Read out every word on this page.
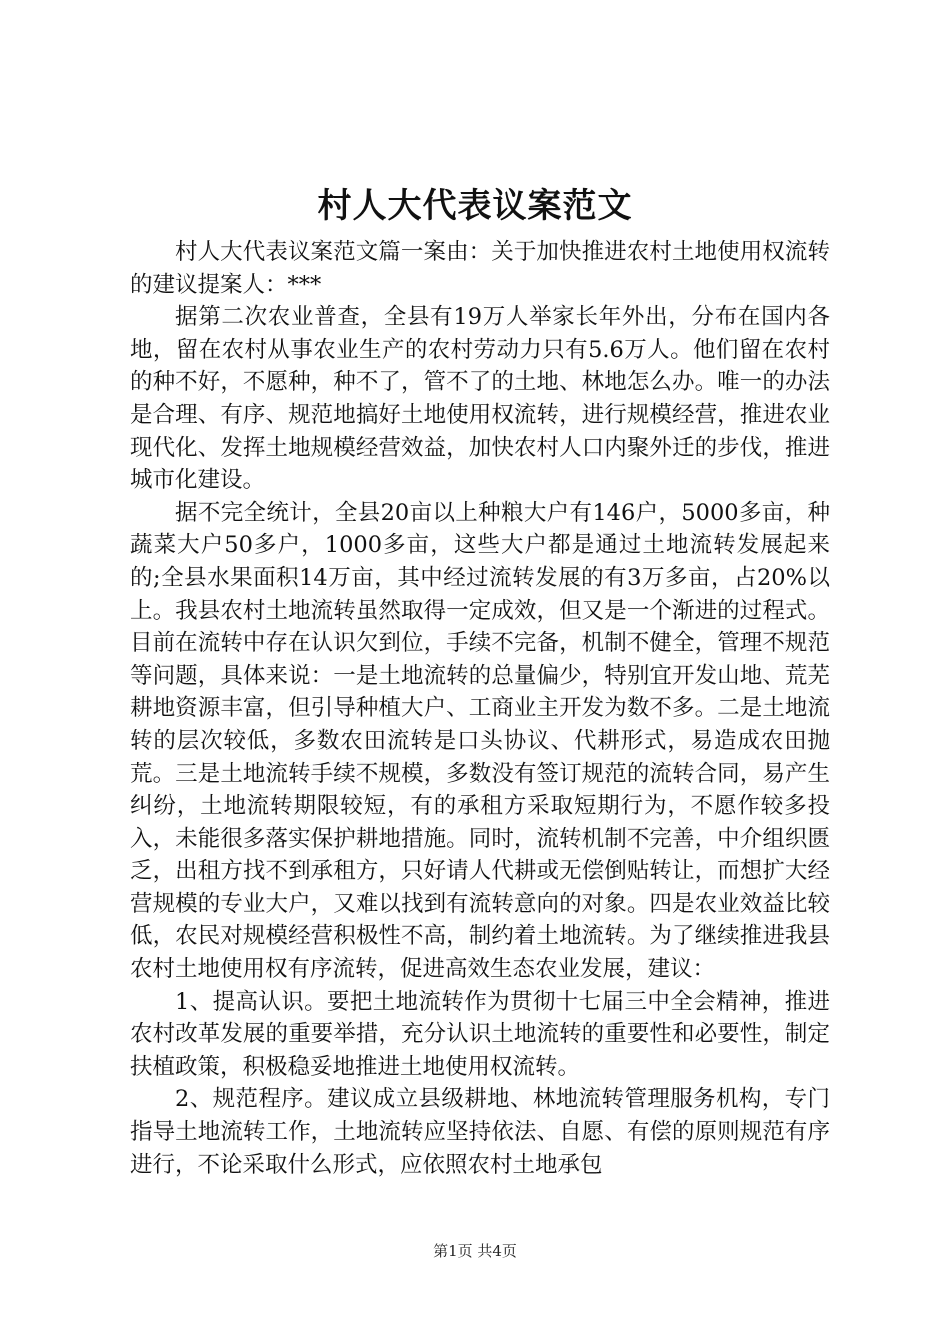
村人大代表议案范文

村人大代表议案范文篇一案由：关于加快推进农村土地使用权流转的建议提案人：***

据第二次农业普查，全县有19万人举家长年外出，分布在国内各地，留在农村从事农业生产的农村劳动力只有5.6万人。他们留在农村的种不好，不愿种，种不了，管不了的土地、林地怎么办。唯一的办法是合理、有序、规范地搞好土地使用权流转，进行规模经营，推进农业现代化、发挥土地规模经营效益，加快农村人口内聚外迁的步伐，推进城市化建设。

据不完全统计，全县20亩以上种粮大户有146户，5000多亩，种蔬菜大户50多户，1000多亩，这些大户都是通过土地流转发展起来的;全县水果面积14万亩，其中经过流转发展的有3万多亩，占20%以上。我县农村土地流转虽然取得一定成效，但又是一个渐进的过程式。目前在流转中存在认识欠到位，手续不完备，机制不健全，管理不规范等问题，具体来说：一是土地流转的总量偏少，特别宜开发山地、荒芜耕地资源丰富，但引导种植大户、工商业主开发为数不多。二是土地流转的层次较低，多数农田流转是口头协议、代耕形式，易造成农田抛荒。三是土地流转手续不规模，多数没有签订规范的流转合同，易产生纠纷，土地流转期限较短，有的承租方采取短期行为，不愿作较多投入，未能很多落实保护耕地措施。同时，流转机制不完善，中介组织匮乏，出租方找不到承租方，只好请人代耕或无偿倒贴转让，而想扩大经营规模的专业大户，又难以找到有流转意向的对象。四是农业效益比较低，农民对规模经营积极性不高，制约着土地流转。为了继续推进我县农村土地使用权有序流转，促进高效生态农业发展，建议：

1、提高认识。要把土地流转作为贯彻十七届三中全会精神，推进农村改革发展的重要举措，充分认识土地流转的重要性和必要性，制定扶植政策，积极稳妥地推进土地使用权流转。

2、规范程序。建议成立县级耕地、林地流转管理服务机构，专门指导土地流转工作，土地流转应坚持依法、自愿、有偿的原则规范有序进行，不论采取什么形式，应依照农村土地承包

第1页 共4页
